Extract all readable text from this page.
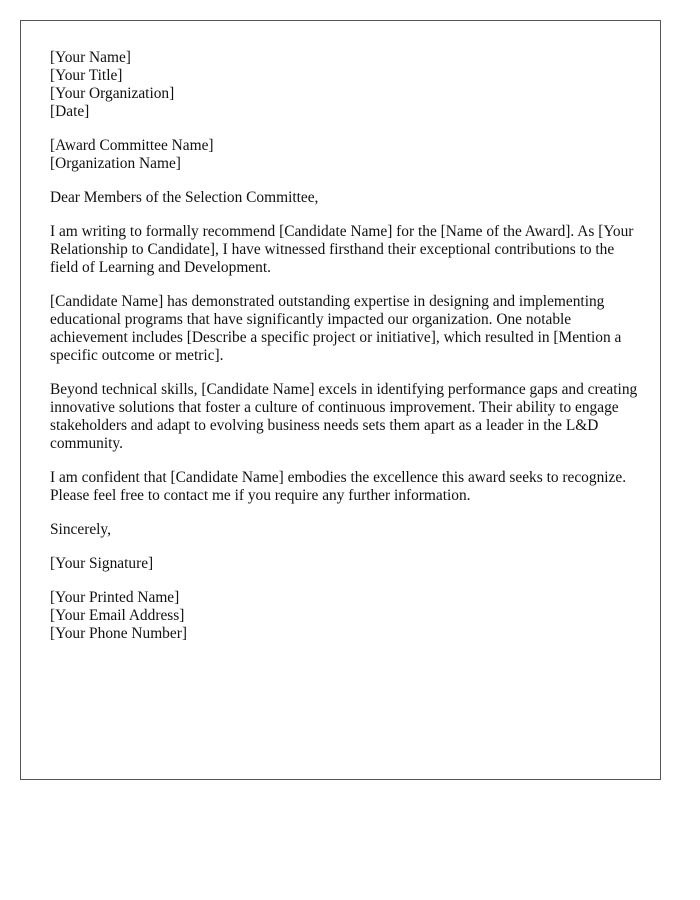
[Your Name]
[Your Title]
[Your Organization]
[Date]
[Award Committee Name]
[Organization Name]

Dear Members of the Selection Committee,

I am writing to formally recommend [Candidate Name] for the [Name of the Award]. As [Your Relationship to Candidate], I have witnessed firsthand their exceptional contributions to the field of Learning and Development.

[Candidate Name] has demonstrated outstanding expertise in designing and implementing educational programs that have significantly impacted our organization. One notable achievement includes [Describe a specific project or initiative], which resulted in [Mention a specific outcome or metric].

Beyond technical skills, [Candidate Name] excels in identifying performance gaps and creating innovative solutions that foster a culture of continuous improvement. Their ability to engage stakeholders and adapt to evolving business needs sets them apart as a leader in the L&D community.

I am confident that [Candidate Name] embodies the excellence this award seeks to recognize. Please feel free to contact me if you require any further information.

Sincerely,

[Your Signature]

[Your Printed Name]
[Your Email Address]
[Your Phone Number]
